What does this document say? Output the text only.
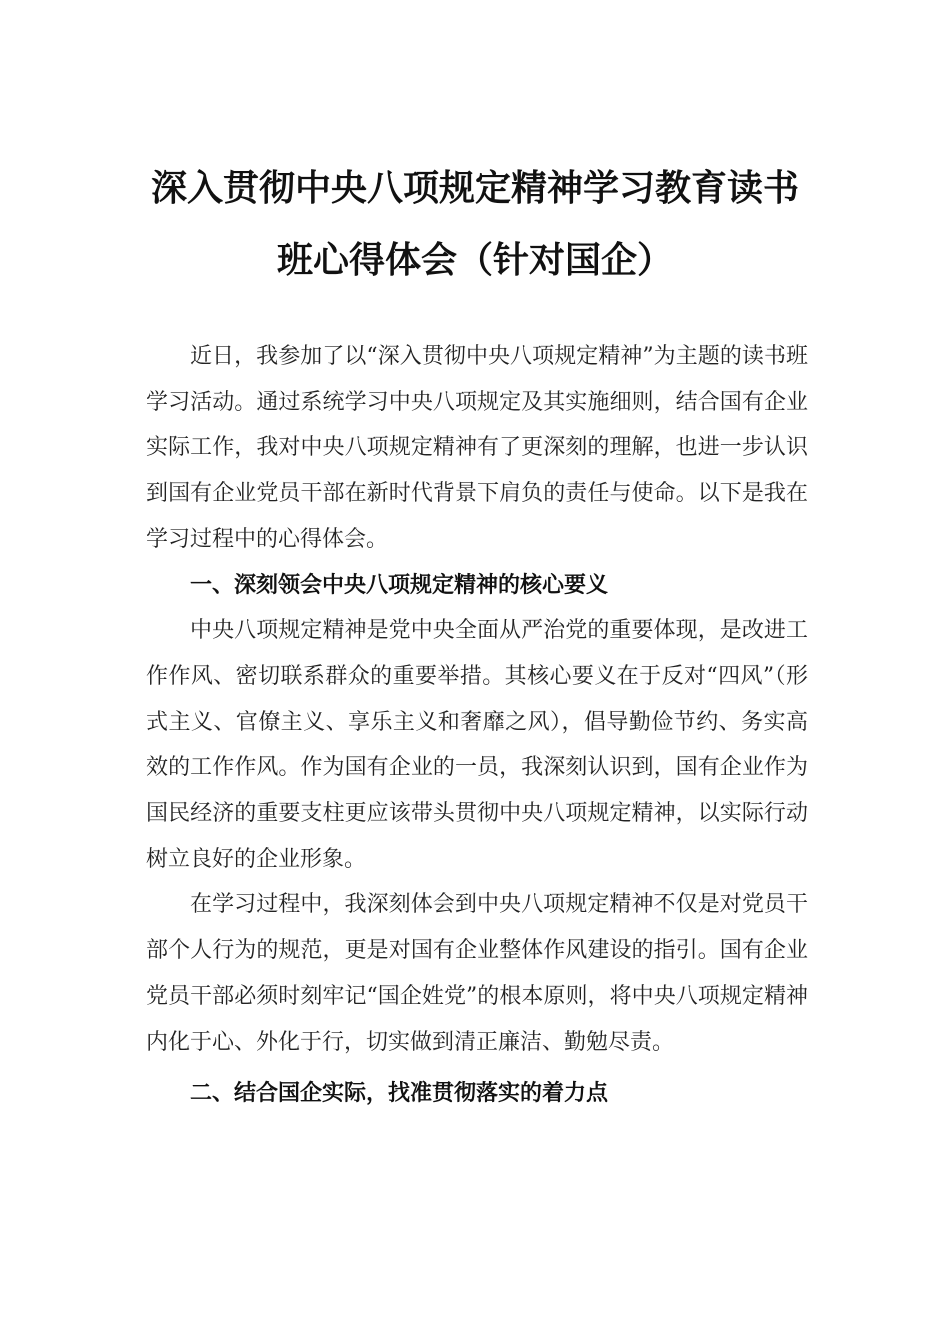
深入贯彻中央八项规定精神学习教育读书
班心得体会（针对国企）

近日，我参加了以“深入贯彻中央八项规定精神”为主题的读书班学习活动。通过系统学习中央八项规定及其实施细则，结合国有企业实际工作，我对中央八项规定精神有了更深刻的理解，也进一步认识到国有企业党员干部在新时代背景下肩负的责任与使命。以下是我在学习过程中的心得体会。

一、深刻领会中央八项规定精神的核心要义

中央八项规定精神是党中央全面从严治党的重要体现，是改进工作作风、密切联系群众的重要举措。其核心要义在于反对“四风”（形式主义、官僚主义、享乐主义和奢靡之风），倡导勤俭节约、务实高效的工作作风。作为国有企业的一员，我深刻认识到，国有企业作为国民经济的重要支柱更应该带头贯彻中央八项规定精神，以实际行动树立良好的企业形象。

在学习过程中，我深刻体会到中央八项规定精神不仅是对党员干部个人行为的规范，更是对国有企业整体作风建设的指引。国有企业党员干部必须时刻牢记“国企姓党”的根本原则，将中央八项规定精神内化于心、外化于行，切实做到清正廉洁、勤勉尽责。

二、结合国企实际，找准贯彻落实的着力点
